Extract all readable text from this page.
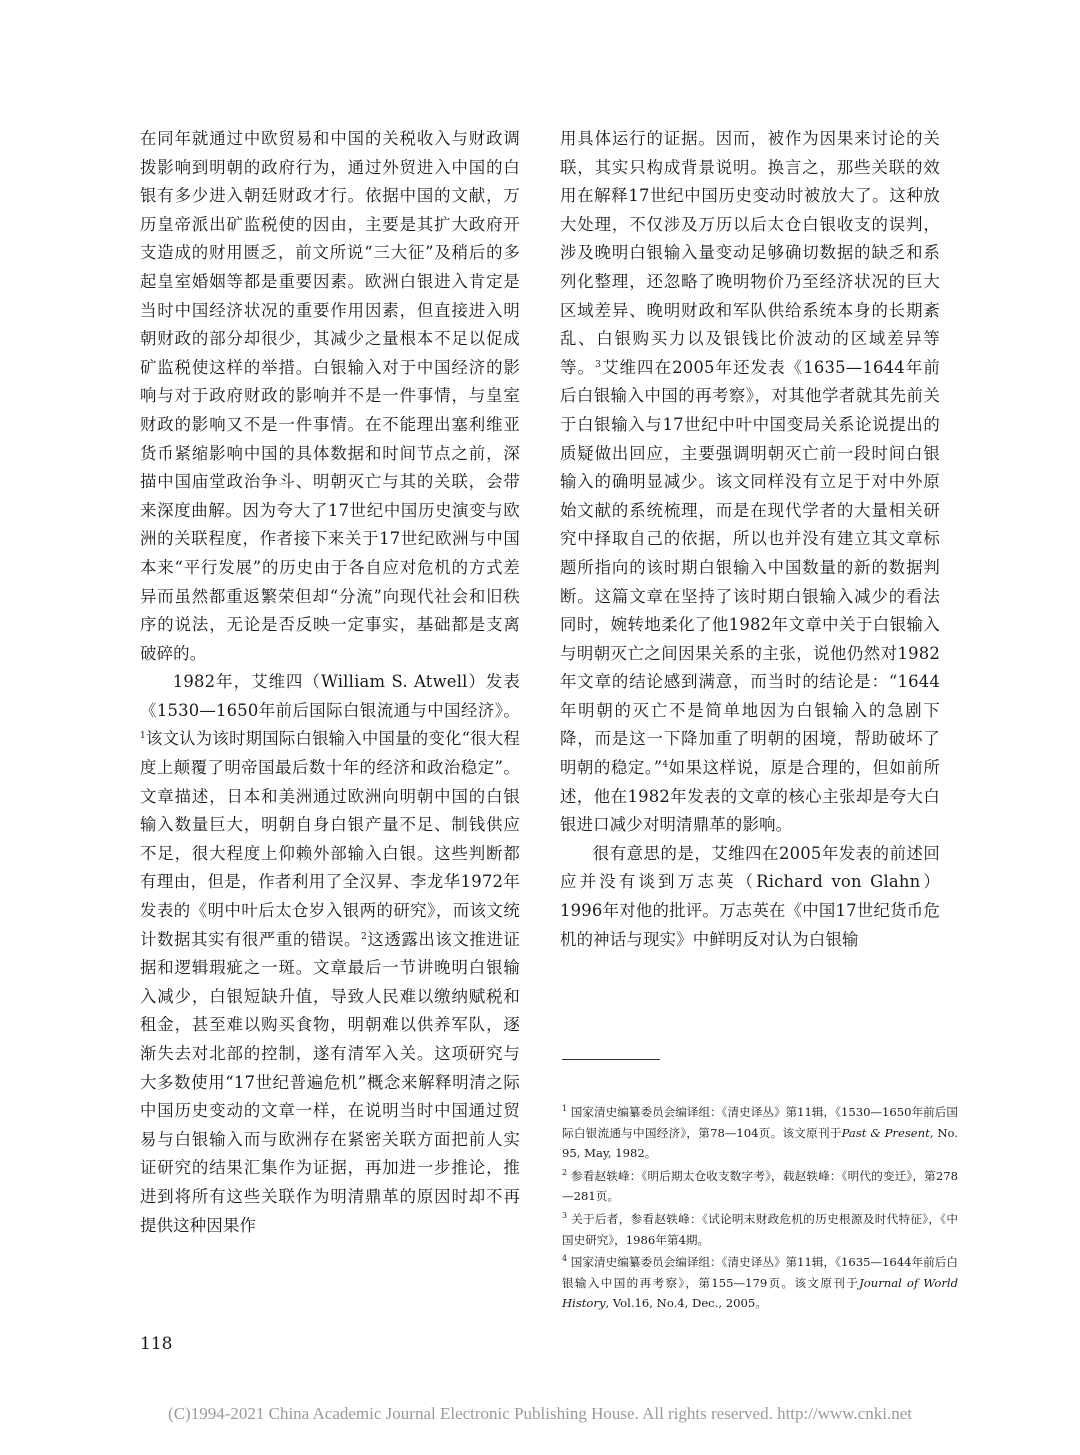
在同年就通过中欧贸易和中国的关税收入与财政调拨影响到明朝的政府行为，通过外贸进入中国的白银有多少进入朝廷财政才行。依据中国的文献，万历皇帝派出矿监税使的因由，主要是其扩大政府开支造成的财用匮乏，前文所说“三大征”及稍后的多起皇室婚姻等都是重要因素。欧洲白银进入肯定是当时中国经济状况的重要作用因素，但直接进入明朝财政的部分却很少，其减少之量根本不足以促成矿监税使这样的举措。白银输入对于中国经济的影响与对于政府财政的影响并不是一件事情，与皇室财政的影响又不是一件事情。在不能理出塞利维亚货币紧缩影响中国的具体数据和时间节点之前，深描中国庙堂政治争斗、明朝灭亡与其的关联，会带来深度曲解。因为夸大了17世纪中国历史演变与欧洲的关联程度，作者接下来关于17世纪欧洲与中国本来“平行发展”的历史由于各自应对危机的方式差异而虽然都重返繁荣但却“分流”向现代社会和旧秩序的说法，无论是否反映一定事实，基础都是支离破碎的。

1982年，艾维四（William S. Atwell）发表《1530—1650年前后国际白银流通与中国经济》。$^1$该文认为该时期国际白银输入中国量的变化“很大程度上颠覆了明帝国最后数十年的经济和政治稳定”。文章描述，日本和美洲通过欧洲向明朝中国的白银输入数量巨大，明朝自身白银产量不足、制钱供应不足，很大程度上仰赖外部输入白银。这些判断都有理由，但是，作者利用了全汉昇、李龙华1972年发表的《明中叶后太仓岁入银两的研究》，而该文统计数据其实有很严重的错误。$^2$这透露出该文推进证据和逻辑瑕疵之一斑。文章最后一节讲晚明白银输入减少，白银短缺升值，导致人民难以缴纳赋税和租金，甚至难以购买食物，明朝难以供养军队，逐渐失去对北部的控制，遂有清军入关。这项研究与大多数使用“17世纪普遍危机”概念来解释明清之际中国历史变动的文章一样，在说明当时中国通过贸易与白银输入而与欧洲存在紧密关联方面把前人实证研究的结果汇集作为证据，再加进一步推论，推进到将所有这些关联作为明清鼎革的原因时却不再提供这种因果作

用具体运行的证据。因而，被作为因果来讨论的关联，其实只构成背景说明。换言之，那些关联的效用在解释17世纪中国历史变动时被放大了。这种放大处理，不仅涉及万历以后太仓白银收支的误判，涉及晚明白银输入量变动足够确切数据的缺乏和系列化整理，还忽略了晚明物价乃至经济状况的巨大区域差异、晚明财政和军队供给系统本身的长期紊乱、白银购买力以及银钱比价波动的区域差异等等。$^3$艾维四在2005年还发表《1635—1644年前后白银输入中国的再考察》，对其他学者就其先前关于白银输入与17世纪中叶中国变局关系论说提出的质疑做出回应，主要强调明朝灭亡前一段时间白银输入的确明显减少。该文同样没有立足于对中外原始文献的系统梳理，而是在现代学者的大量相关研究中择取自己的依据，所以也并没有建立其文章标题所指向的该时期白银输入中国数量的新的数据判断。这篇文章在坚持了该时期白银输入减少的看法同时，婉转地柔化了他1982年文章中关于白银输入与明朝灭亡之间因果关系的主张，说他仍然对1982年文章的结论感到满意，而当时的结论是：“1644年明朝的灭亡不是简单地因为白银输入的急剧下降，而是这一下降加重了明朝的困境，帮助破坏了明朝的稳定。”$^4$如果这样说，原是合理的，但如前所述，他在1982年发表的文章的核心主张却是夸大白银进口减少对明清鼎革的影响。

很有意思的是，艾维四在2005年发表的前述回应并没有谈到万志英（Richard von Glahn）1996年对他的批评。万志英在《中国17世纪货币危机的神话与现实》中鲜明反对认为白银输

$^1$ 国家清史编纂委员会编译组：《清史译丛》第11辑，《1530—1650年前后国际白银流通与中国经济》，第78—104页。该文原刊于Past & Present, No. 95, May, 1982。

$^2$ 参看赵轶峰：《明后期太仓收支数字考》，载赵轶峰：《明代的变迁》，第278—281页。

$^3$ 关于后者，参看赵轶峰：《试论明末财政危机的历史根源及时代特征》，《中国史研究》，1986年第4期。

$^4$ 国家清史编纂委员会编译组：《清史译丛》第11辑，《1635—1644年前后白银输入中国的再考察》，第155—179页。该文原刊于Journal of World History, Vol.16, No.4, Dec., 2005。

118
(C)1994-2021 China Academic Journal Electronic Publishing House. All rights reserved. http://www.cnki.net
